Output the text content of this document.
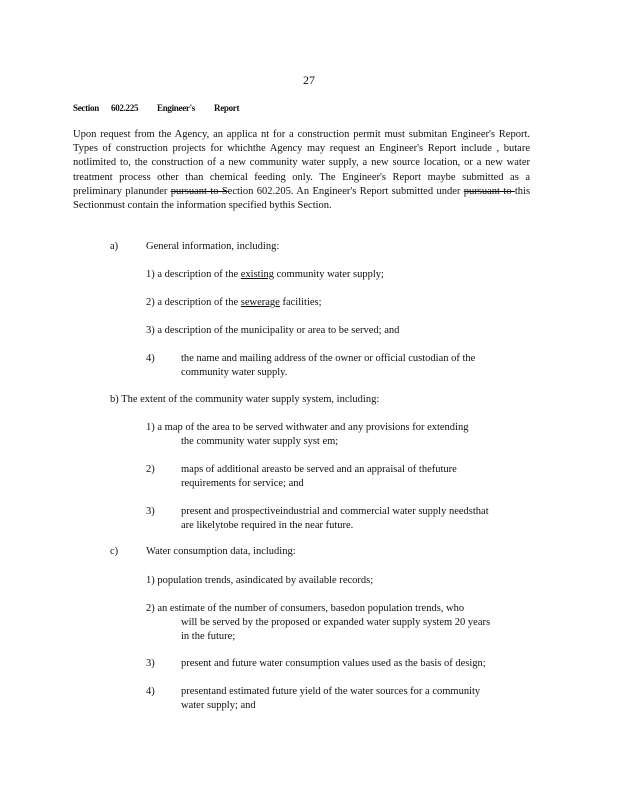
27
Section 602.225 Engineer's Report
Upon request from the Agency, an applica nt for a construction permit must submitan Engineer's Report. Types of construction projects for whichthe Agency may request an Engineer's Report include , butare notlimited to, the construction of a new community water supply, a new source location, or a new water treatment process other than chemical feeding only. The Engineer's Report maybe submitted as a preliminary planunder pursuant to Section 602.205. An Engineer's Report submitted under pursuant to this Sectionmust contain the information specified bythis Section.
a)	General information, including:
1) a description of the existing community water supply;
2) a description of the sewerage facilities;
3) a description of the municipality or area to be served; and
4)	the name and mailing address of the owner or official custodian of the
community water supply.
b) The extent of the community water supply system, including:
1) a map of the area to be served withwater and any provisions for extending
the community water supply syst em;
2)	maps of additional areasto be served and an appraisal of thefuture
requirements for service; and
3)	present and prospectiveindustrial and commercial water supply needsthat
are likelytobe required in the near future.
c)	Water consumption data, including:
1) population trends, asindicated by available records;
2) an estimate of the number of consumers, basedon population trends, who
will be served by the proposed or expanded water supply system 20 years
in the future;
3)	present and future water consumption values used as the basis of design;
4)	presentand estimated future yield of the water sources for a community
water supply; and
